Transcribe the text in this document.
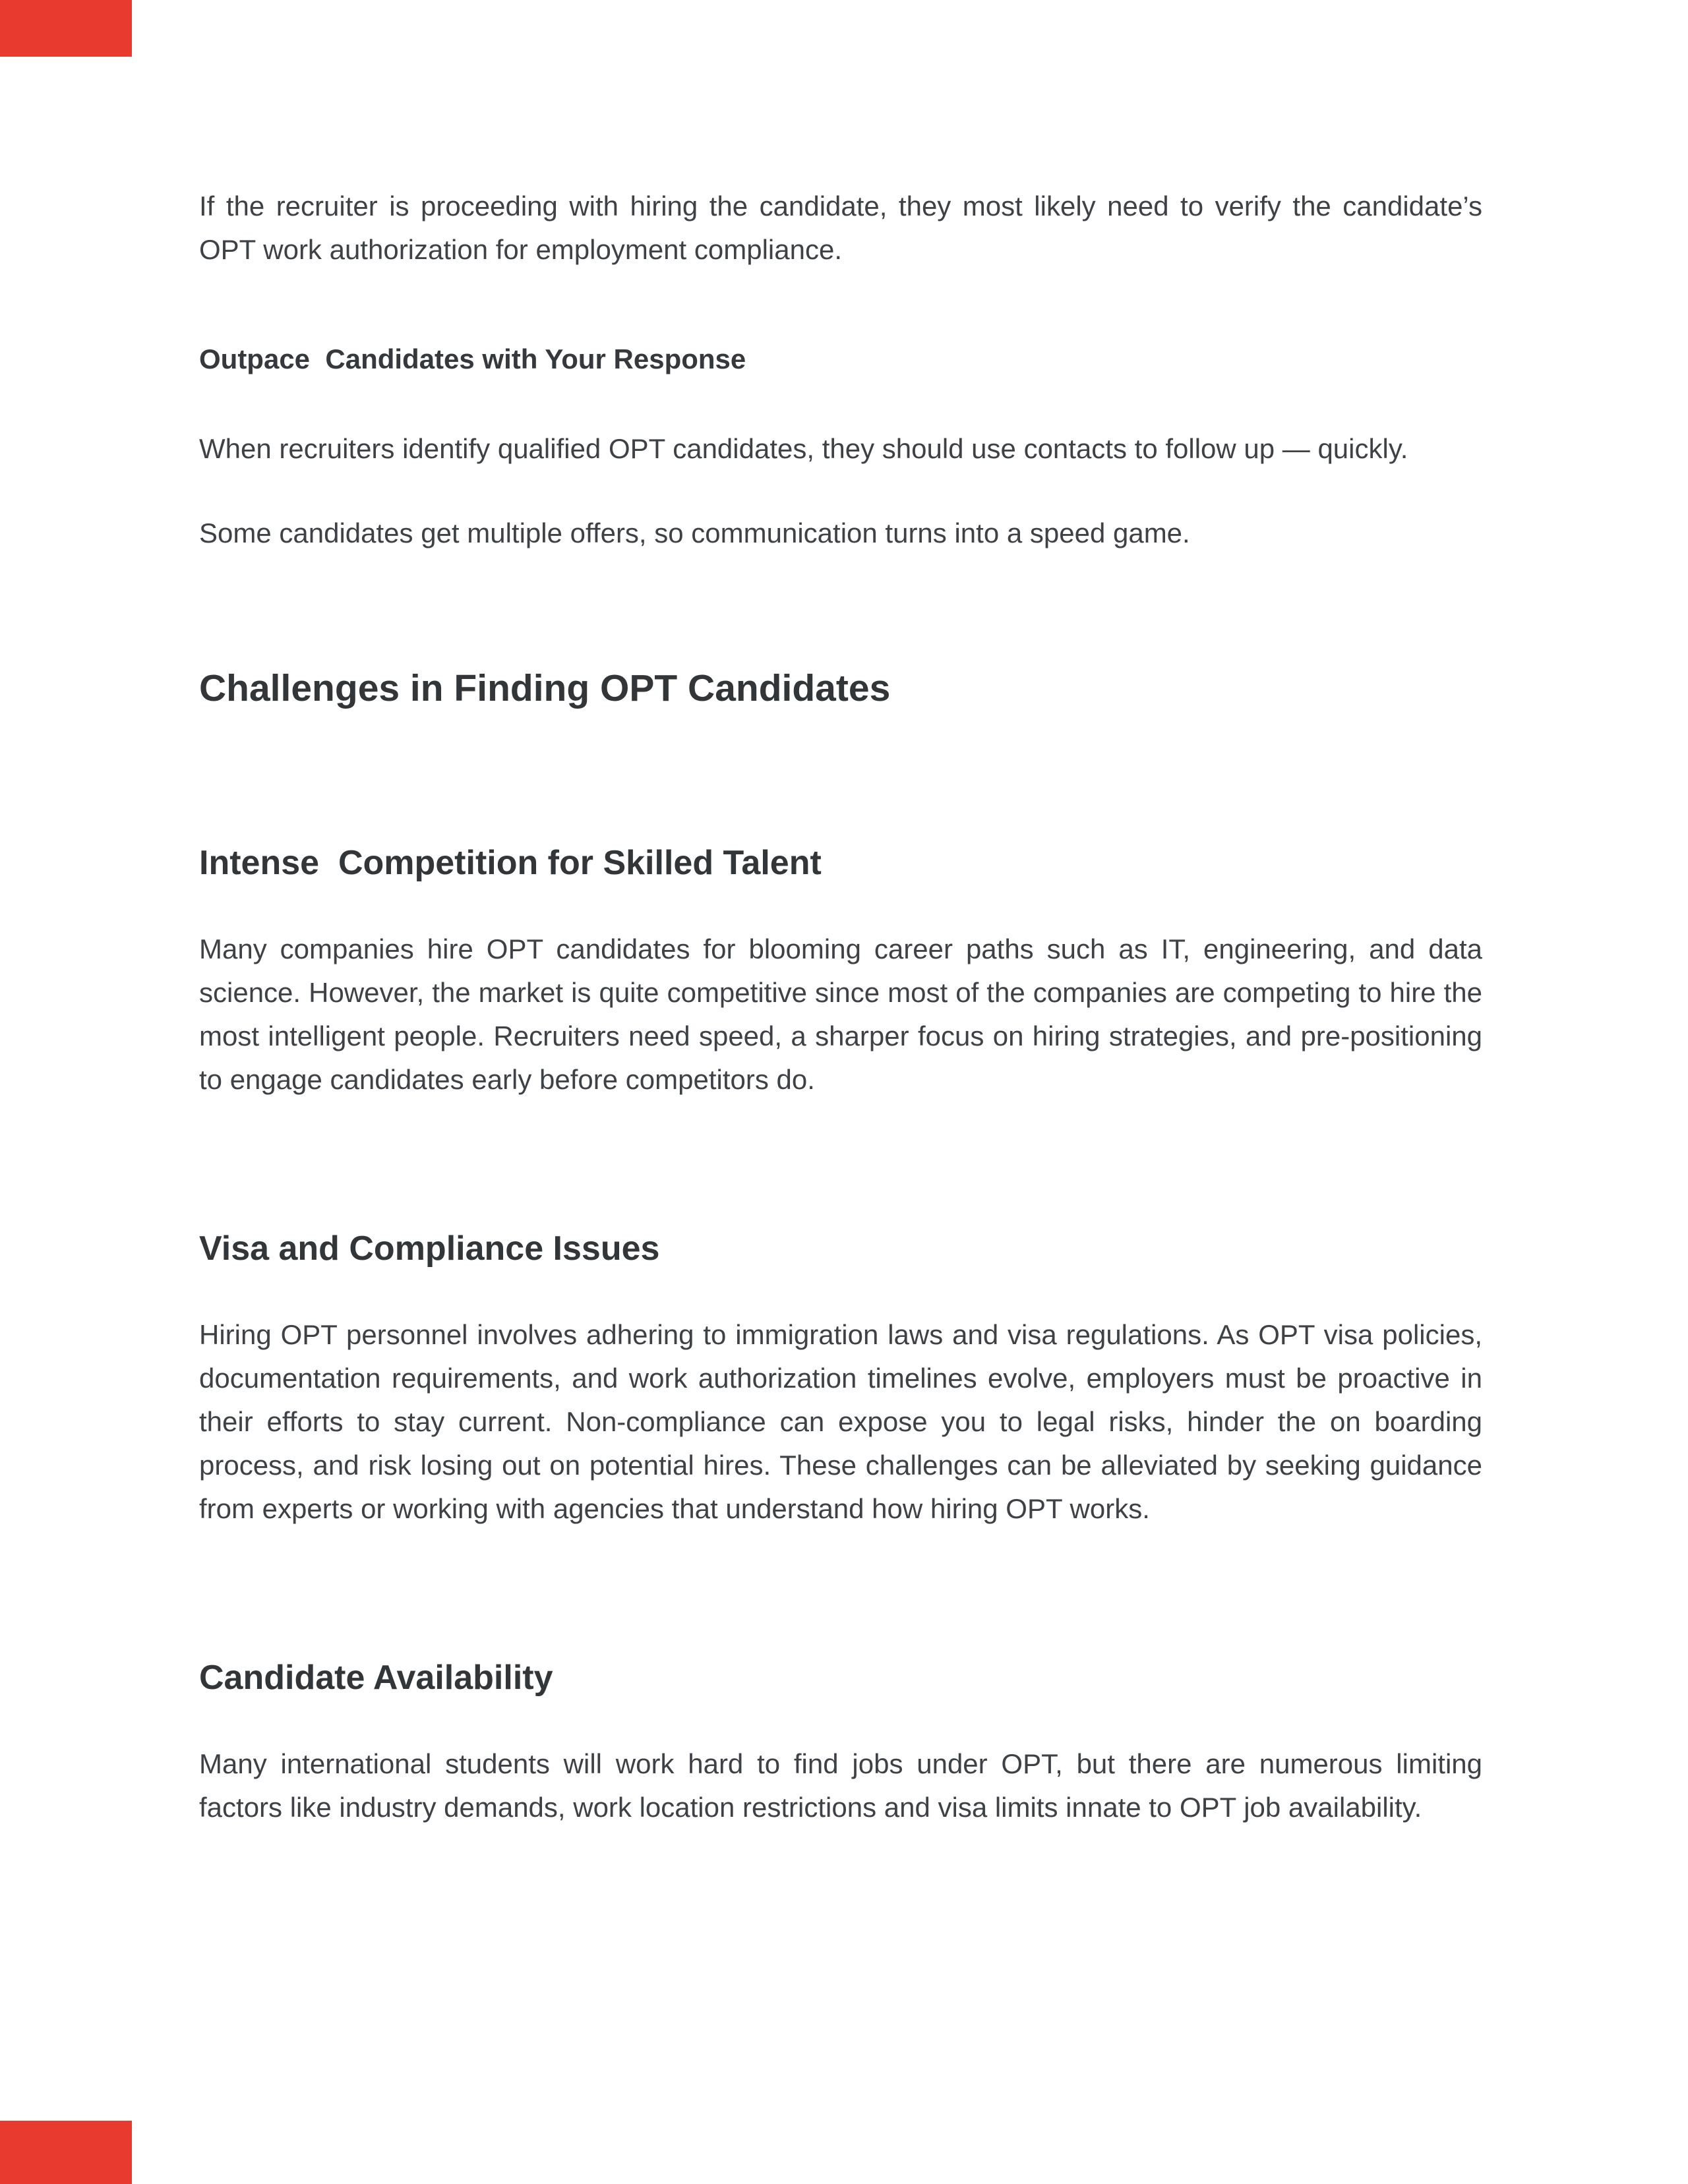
If the recruiter is proceeding with hiring the candidate, they most likely need to verify the candidate’s OPT work authorization for employment compliance.

Outpace  Candidates with Your Response

When recruiters identify qualified OPT candidates, they should use contacts to follow up — quickly.

Some candidates get multiple offers, so communication turns into a speed game.

Challenges in Finding OPT Candidates
Intense  Competition for Skilled Talent

Many companies hire OPT candidates for blooming career paths such as IT, engineering, and data science. However, the market is quite competitive since most of the companies are competing to hire the most intelligent people. Recruiters need speed, a sharper focus on hiring strategies, and pre-positioning to engage candidates early before competitors do.

Visa and Compliance Issues

Hiring OPT personnel involves adhering to immigration laws and visa regulations. As OPT visa policies, documentation requirements, and work authorization timelines evolve, employers must be proactive in their efforts to stay current. Non-compliance can expose you to legal risks, hinder the on boarding process, and risk losing out on potential hires. These challenges can be alleviated by seeking guidance from experts or working with agencies that understand how hiring OPT works.

Candidate Availability

Many international students will work hard to find jobs under OPT, but there are numerous limiting factors like industry demands, work location restrictions and visa limits innate to OPT job availability.
